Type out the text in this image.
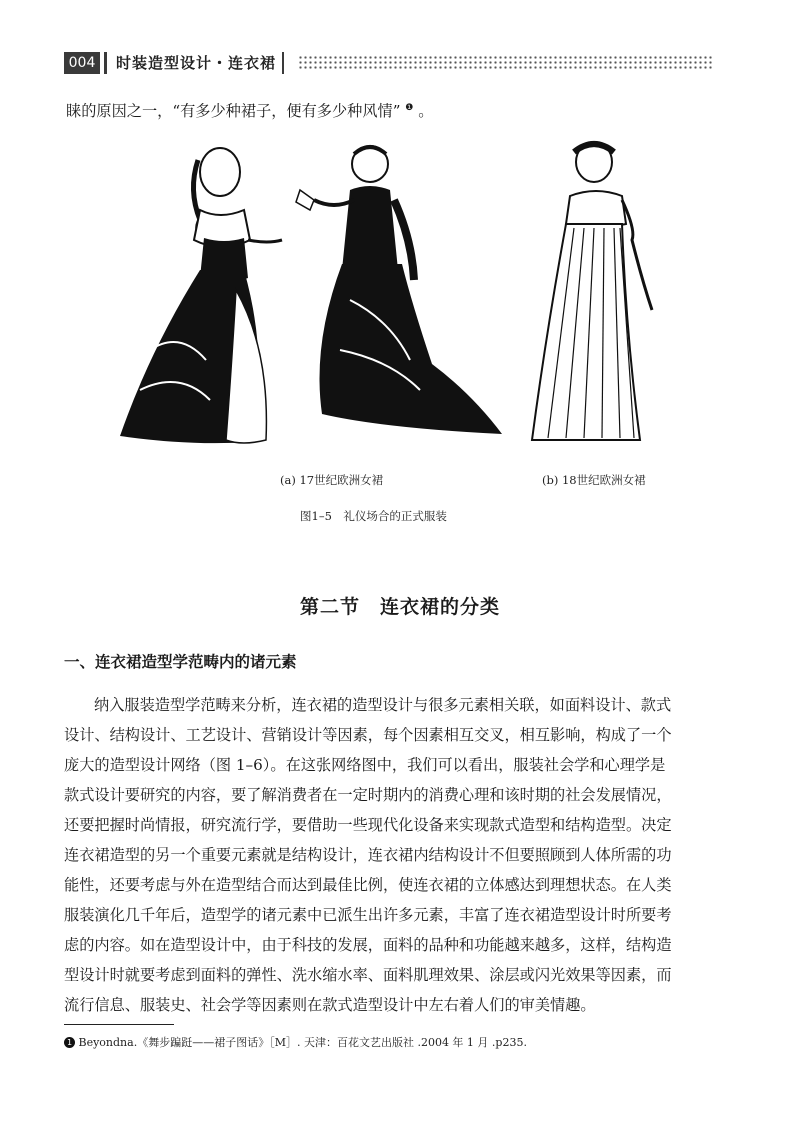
004	时装造型设计・连衣裙
睐的原因之一，“有多少种裙子，便有多少种风情” $^❶$ 。
(a) 17世纪欧洲女裙	(b) 18世纪欧洲女裙
图1–5　礼仪场合的正式服装
第二节　连衣裙的分类
一、连衣裙造型学范畴内的诸元素
纳入服装造型学范畴来分析，连衣裙的造型设计与很多元素相关联，如面料设计、款式
设计、结构设计、工艺设计、营销设计等因素，每个因素相互交叉，相互影响，构成了一个
庞大的造型设计网络（图 1–6）。在这张网络图中，我们可以看出，服装社会学和心理学是
款式设计要研究的内容，要了解消费者在一定时期内的消费心理和该时期的社会发展情况，
还要把握时尚情报，研究流行学，要借助一些现代化设备来实现款式造型和结构造型。决定
连衣裙造型的另一个重要元素就是结构设计，连衣裙内结构设计不但要照顾到人体所需的功
能性，还要考虑与外在造型结合而达到最佳比例，使连衣裙的立体感达到理想状态。在人类
服装演化几千年后，造型学的诸元素中已派生出许多元素，丰富了连衣裙造型设计时所要考
虑的内容。如在造型设计中，由于科技的发展，面料的品种和功能越来越多，这样，结构造
型设计时就要考虑到面料的弹性、洗水缩水率、面料肌理效果、涂层或闪光效果等因素，而
流行信息、服装史、社会学等因素则在款式造型设计中左右着人们的审美情趣。
1 Beyondna.《舞步蹁跹——裙子图话》［M］. 天津：百花文艺出版社 .2004 年 1 月 .p235.
